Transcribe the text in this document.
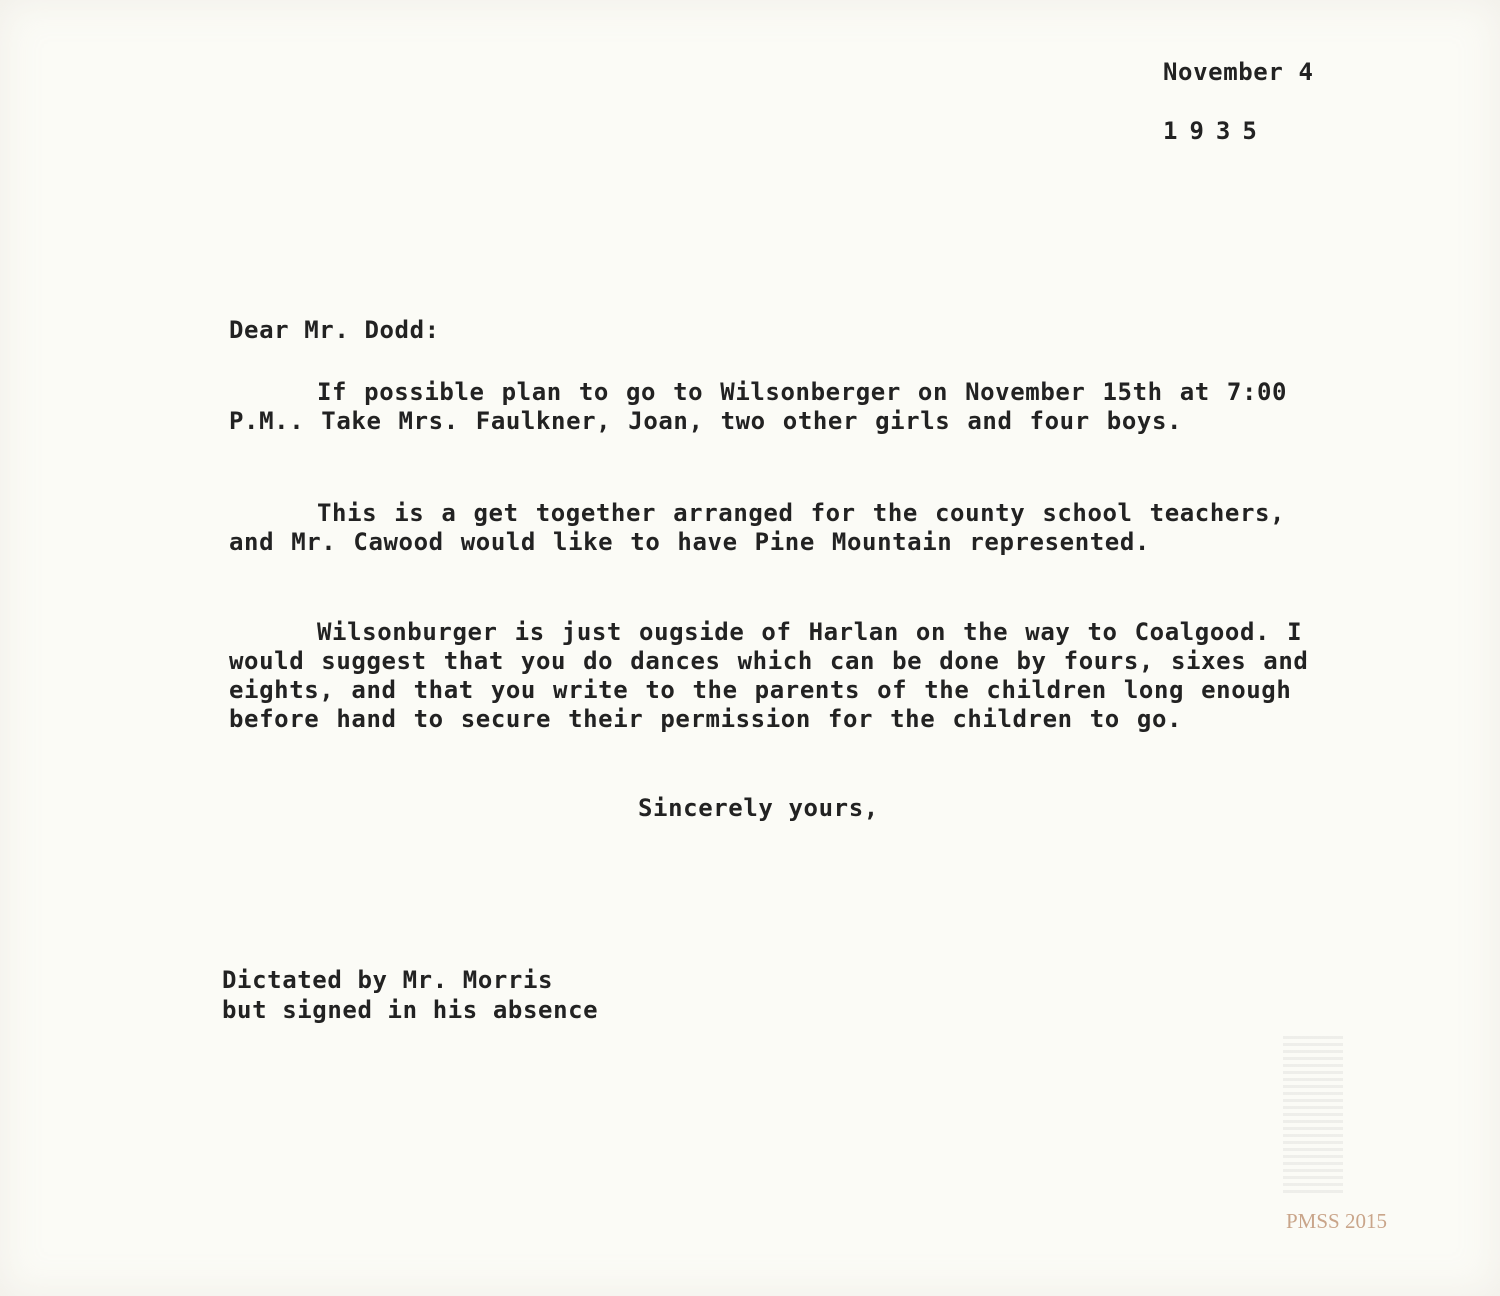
November 4
1935
Dear Mr. Dodd:
If possible plan to go to Wilsonberger on November 15th at 7:00 P.M.. Take Mrs. Faulkner, Joan, two other girls and four boys.
This is a get together arranged for the county school teachers, and Mr. Cawood would like to have Pine Mountain represented.
Wilsonburger is just ougside of Harlan on the way to Coalgood. I would suggest that you do dances which can be done by fours, sixes and eights, and that you write to the parents of the children long enough before hand to secure their permission for the children to go.
Sincerely yours,
Dictated by Mr. Morris
but signed in his absence
PMSS 2015
